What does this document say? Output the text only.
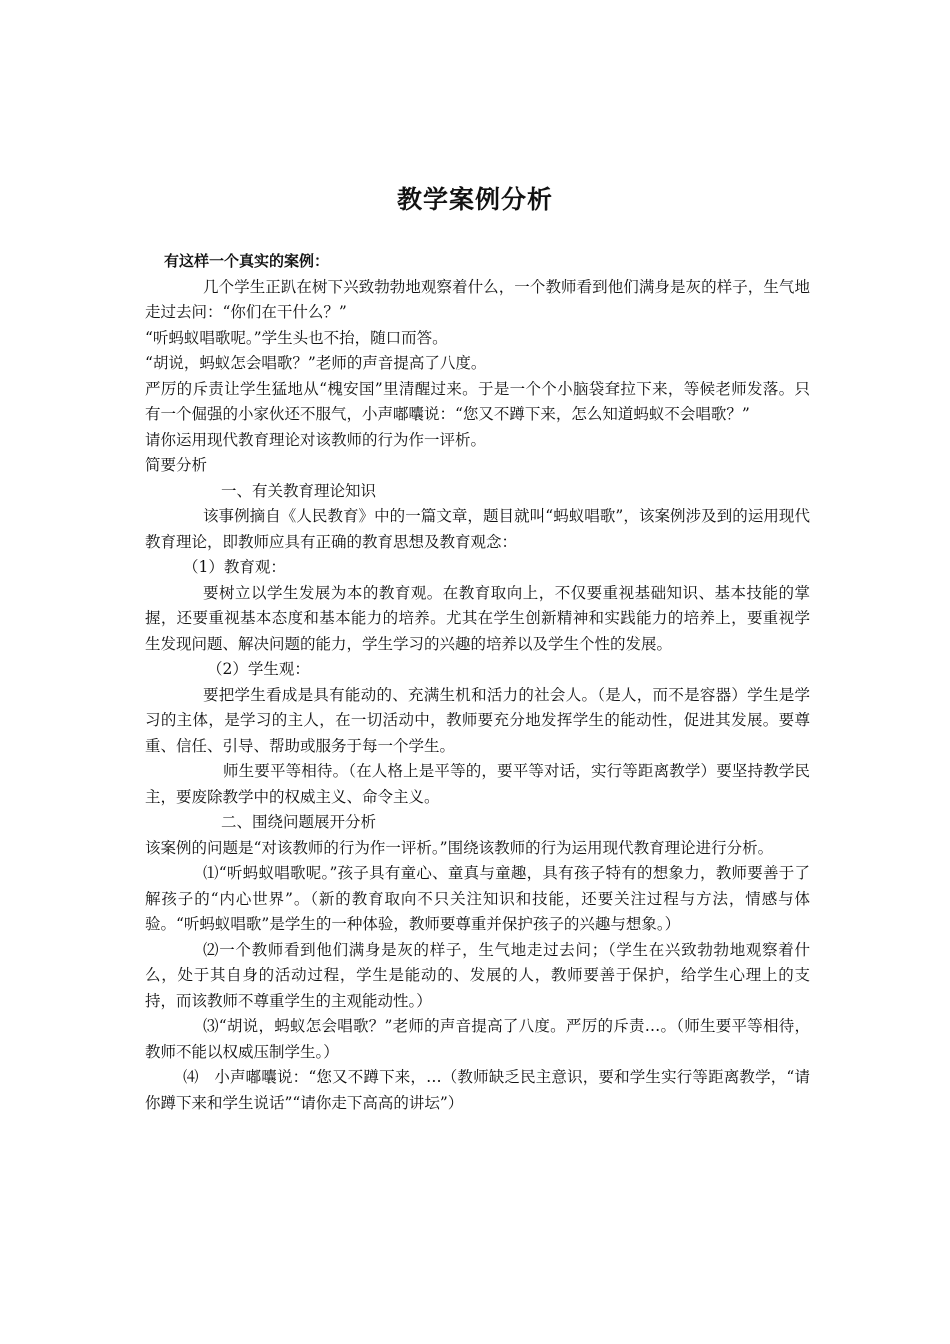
教学案例分析

有这样一个真实的案例：

几个学生正趴在树下兴致勃勃地观察着什么，一个教师看到他们满身是灰的样子，生气地走过去问：“你们在干什么？”

“听蚂蚁唱歌呢。”学生头也不抬，随口而答。

“胡说，蚂蚁怎会唱歌？”老师的声音提高了八度。

严厉的斥责让学生猛地从“槐安国”里清醒过来。于是一个个小脑袋耷拉下来，等候老师发落。只有一个倔强的小家伙还不服气，小声嘟囔说：“您又不蹲下来，怎么知道蚂蚁不会唱歌？”

请你运用现代教育理论对该教师的行为作一评析。

简要分析

一、有关教育理论知识

该事例摘自《人民教育》中的一篇文章，题目就叫“蚂蚁唱歌”，该案例涉及到的运用现代教育理论，即教师应具有正确的教育思想及教育观念：

（1）教育观：

要树立以学生发展为本的教育观。在教育取向上，不仅要重视基础知识、基本技能的掌握，还要重视基本态度和基本能力的培养。尤其在学生创新精神和实践能力的培养上，要重视学生发现问题、解决问题的能力，学生学习的兴趣的培养以及学生个性的发展。

（2）学生观：

要把学生看成是具有能动的、充满生机和活力的社会人。（是人，而不是容器）学生是学习的主体，是学习的主人，在一切活动中，教师要充分地发挥学生的能动性，促进其发展。要尊重、信任、引导、帮助或服务于每一个学生。

师生要平等相待。（在人格上是平等的，要平等对话，实行等距离教学）要坚持教学民主，要废除教学中的权威主义、命令主义。

二、围绕问题展开分析

该案例的问题是“对该教师的行为作一评析。”围绕该教师的行为运用现代教育理论进行分析。

⑴“听蚂蚁唱歌呢。”孩子具有童心、童真与童趣，具有孩子特有的想象力，教师要善于了解孩子的“内心世界”。（新的教育取向不只关注知识和技能，还要关注过程与方法，情感与体验。“听蚂蚁唱歌”是学生的一种体验，教师要尊重并保护孩子的兴趣与想象。）

⑵一个教师看到他们满身是灰的样子，生气地走过去问；（学生在兴致勃勃地观察着什么，处于其自身的活动过程，学生是能动的、发展的人，教师要善于保护，给学生心理上的支持，而该教师不尊重学生的主观能动性。）

⑶“胡说，蚂蚁怎会唱歌？”老师的声音提高了八度。严厉的斥责…。（师生要平等相待，教师不能以权威压制学生。）

⑷　小声嘟囔说：“您又不蹲下来，…（教师缺乏民主意识，要和学生实行等距离教学，“请你蹲下来和学生说话”“请你走下高高的讲坛”）
